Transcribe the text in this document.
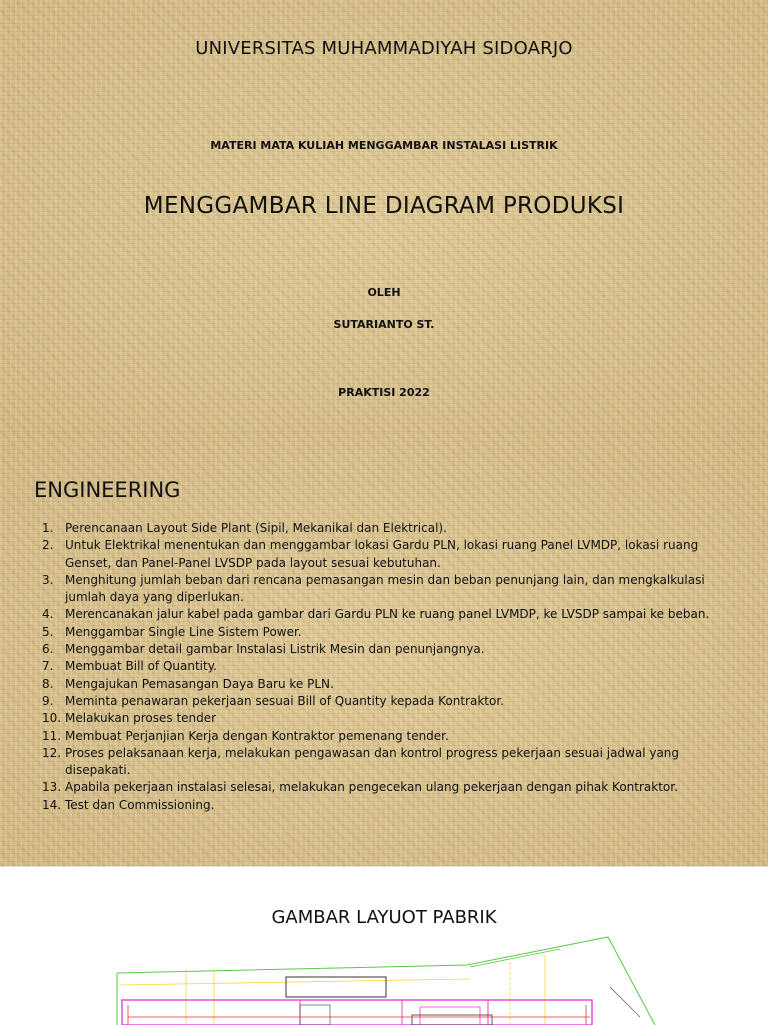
UNIVERSITAS MUHAMMADIYAH SIDOARJO
MATERI MATA KULIAH MENGGAMBAR INSTALASI LISTRIK
MENGGAMBAR LINE DIAGRAM PRODUKSI
OLEH
SUTARIANTO ST.
PRAKTISI 2022
ENGINEERING
1. Perencanaan Layout Side Plant (Sipil, Mekanikal dan Elektrical).
2. Untuk Elektrikal menentukan dan menggambar lokasi Gardu PLN, lokasi ruang Panel LVMDP, lokasi ruang Genset, dan Panel-Panel LVSDP pada layout sesuai kebutuhan.
3. Menghitung jumlah beban dari rencana pemasangan mesin dan beban penunjang lain, dan mengkalkulasi jumlah daya yang diperlukan.
4. Merencanakan jalur kabel pada gambar dari Gardu PLN ke ruang panel LVMDP, ke LVSDP sampai ke beban.
5. Menggambar Single Line Sistem Power.
6. Menggambar detail gambar Instalasi Listrik Mesin dan penunjangnya.
7. Membuat Bill of Quantity.
8. Mengajukan Pemasangan Daya Baru ke PLN.
9. Meminta penawaran pekerjaan sesuai Bill of Quantity kepada Kontraktor.
10. Melakukan proses tender
11. Membuat Perjanjian Kerja dengan Kontraktor pemenang tender.
12. Proses pelaksanaan kerja, melakukan pengawasan dan kontrol progress pekerjaan sesuai jadwal yang disepakati.
13. Apabila pekerjaan instalasi selesai, melakukan pengecekan ulang pekerjaan dengan pihak Kontraktor.
14. Test dan Commissioning.
GAMBAR LAYUOT PABRIK
